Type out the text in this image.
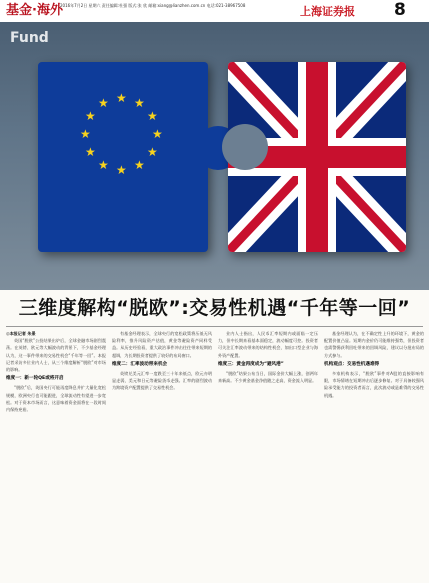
基金·海外
2016年7月2日 星期六 责任编辑:杜强 版式:张 欣 邮箱:xiang@lianzhen.com.cn 电话:021-38967508	上海证券报 8
Fund
★ ★
★
★
★
★
★
★
★
★
★
★
三维度解构“脱欧”:交易性机遇“千年等一回”
◎本报记者 朱景

英国“脱欧”公投结果出炉后，全球金融市场剧烈震荡。在英镑、欧元等大幅波动的背景下，不少基金经理认为，这一事件带来的交易性机会“千年等一回”。本报记者采访多位业内人士，从三个维度解析“脱欧”对市场的影响。

维度一：新一轮QE或将开启

“脱欧”后，英国央行可能再度降息并扩大量化宽松规模，欧洲央行也可能跟进，全球流动性有望进一步宽松。对于资本市场而言，这意味着资金面将在一段时间内保持充裕。

有基金经理表示，全球央行的宽松政策将压低无风险利率，推升风险资产估值，黄金等避险资产同样受益。从历史经验看，重大政治事件冲击往往带来短期的超调，为长期投资者提供了较好的布局窗口。

维度二：汇率波动带来机会

英镑兑美元汇率一度跌至三十年来低点，欧元亦明显走弱，美元和日元等避险货币走强。汇率的剧烈波动为跨境资产配置提供了交易性机会。

业内人士指出，人民币汇率短期内或面临一定压力，但中长期来看基本面稳定，波动幅度可控。投资者可关注汇率波动带来的结构性机会，如出口型企业与海外资产配置。

维度三：黄金再度成为“避风港”

“脱欧”结果公布当日，国际金价大幅上涨，创两年来新高。不少黄金基金净值随之走高，资金流入明显。

基金经理认为，在不确定性上升的环境下，黄金的配置价值凸显。短期内金价仍可能维持强势，但投资者也需警惕获利回吐带来的回调风险，建议以分批布局的方式参与。

机构观点：交易性机遇难得

多家机构表示，“脱欧”事件对A股的直接影响有限，市场情绪在短期冲击后逐步修复。对于具备较强风险承受能力的投资者而言，此次波动或是难得的交易性机遇。
